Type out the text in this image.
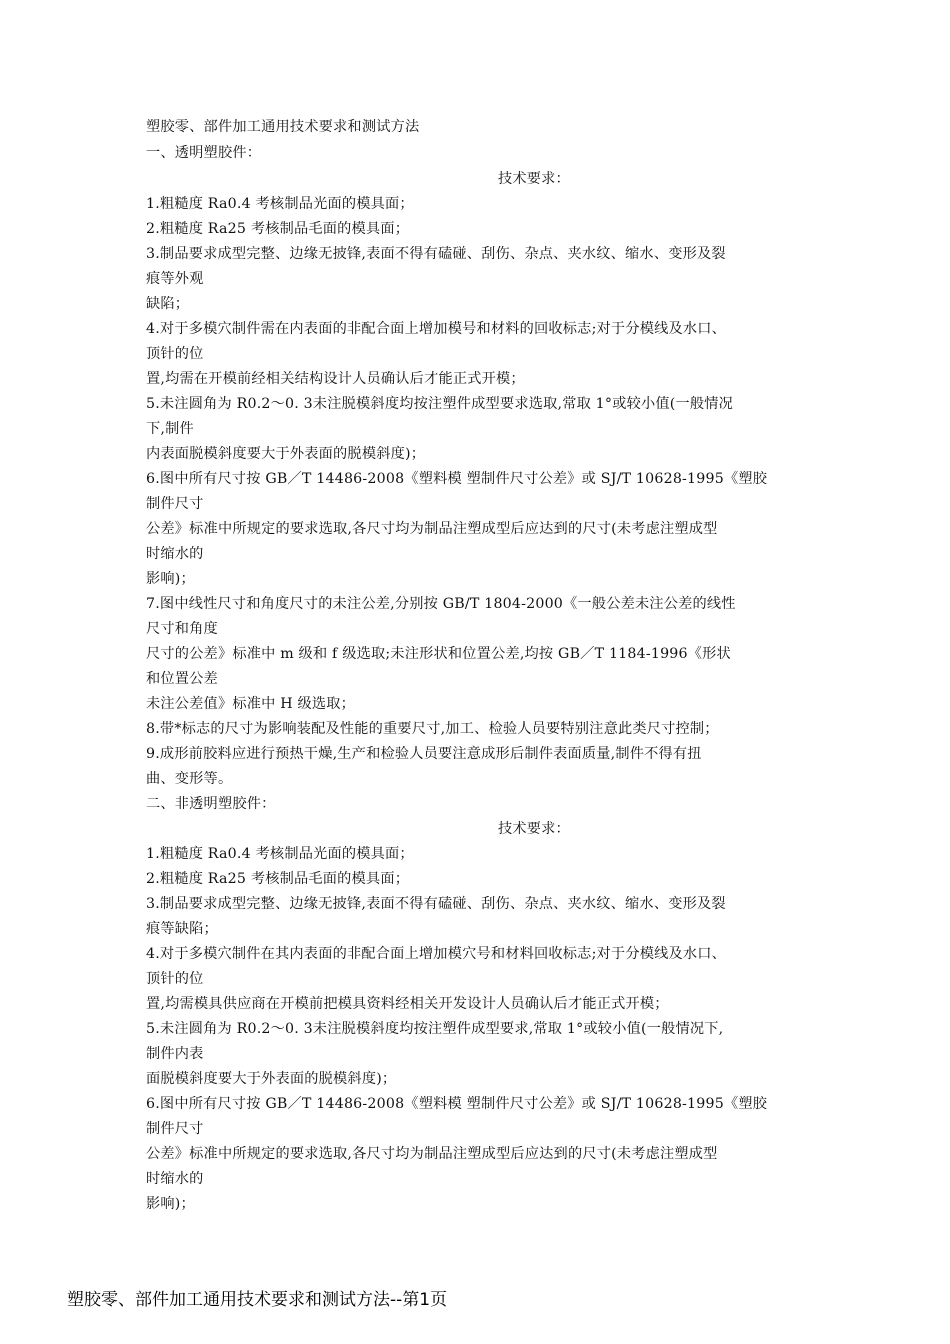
塑胶零、部件加工通用技术要求和测试方法
一、透明塑胶件：
技术要求：
1.粗糙度 Ra0.4 考核制品光面的模具面；
2.粗糙度 Ra25 考核制品毛面的模具面；
3.制品要求成型完整、边缘无披锋,表面不得有磕碰、刮伤、杂点、夹水纹、缩水、变形及裂
痕等外观
缺陷；
4.对于多模穴制件需在内表面的非配合面上增加模号和材料的回收标志;对于分模线及水口、
顶针的位
置,均需在开模前经相关结构设计人员确认后才能正式开模；
5.未注圆角为 R0.2～0. 3未注脱模斜度均按注塑件成型要求选取,常取 1°或较小值(一般情况
下,制件
内表面脱模斜度要大于外表面的脱模斜度)；
6.图中所有尺寸按 GB／T 14486-2008《塑料模 塑制件尺寸公差》或 SJ/T 10628-1995《塑胶
制件尺寸
公差》标准中所规定的要求选取,各尺寸均为制品注塑成型后应达到的尺寸(未考虑注塑成型
时缩水的
影响)；
7.图中线性尺寸和角度尺寸的未注公差,分别按 GB/T 1804-2000《一般公差未注公差的线性
尺寸和角度
尺寸的公差》标准中 m 级和 f 级选取;未注形状和位置公差,均按 GB／T 1184-1996《形状
和位置公差
未注公差值》标准中 H 级选取；
8.带*标志的尺寸为影响装配及性能的重要尺寸,加工、检验人员要特别注意此类尺寸控制；
9.成形前胶料应进行预热干燥,生产和检验人员要注意成形后制件表面质量,制件不得有扭
曲、变形等。
二、非透明塑胶件：
技术要求：
1.粗糙度 Ra0.4 考核制品光面的模具面；
2.粗糙度 Ra25 考核制品毛面的模具面；
3.制品要求成型完整、边缘无披锋,表面不得有磕碰、刮伤、杂点、夹水纹、缩水、变形及裂
痕等缺陷；
4.对于多模穴制件在其内表面的非配合面上增加模穴号和材料回收标志;对于分模线及水口、
顶针的位
置,均需模具供应商在开模前把模具资料经相关开发设计人员确认后才能正式开模；
5.未注圆角为 R0.2～0. 3未注脱模斜度均按注塑件成型要求,常取 1°或较小值(一般情况下,
制件内表
面脱模斜度要大于外表面的脱模斜度)；
6.图中所有尺寸按 GB／T 14486-2008《塑料模 塑制件尺寸公差》或 SJ/T 10628-1995《塑胶
制件尺寸
公差》标准中所规定的要求选取,各尺寸均为制品注塑成型后应达到的尺寸(未考虑注塑成型
时缩水的
影响)；
塑胶零、部件加工通用技术要求和测试方法--第1页
